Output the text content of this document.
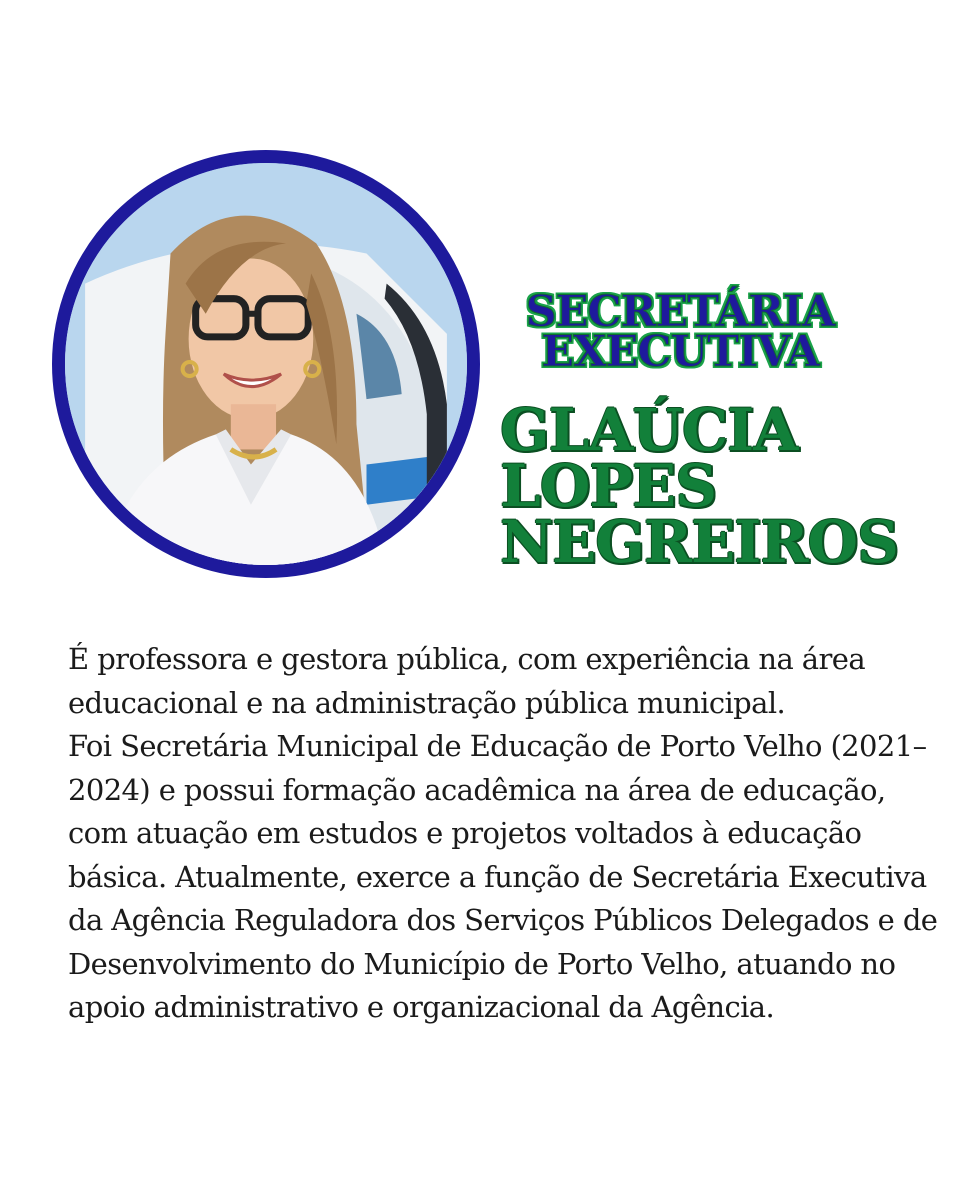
SECRETÁRIA EXECUTIVA
GLAÚCIA
LOPES
NEGREIROS

É professora e gestora pública, com experiência na área educacional e na administração pública municipal.

Foi Secretária Municipal de Educação de Porto Velho (2021–2024) e possui formação acadêmica na área de educação, com atuação em estudos e projetos voltados à educação básica. Atualmente, exerce a função de Secretária Executiva da Agência Reguladora dos Serviços Públicos Delegados e de Desenvolvimento do Município de Porto Velho, atuando no apoio administrativo e organizacional da Agência.
